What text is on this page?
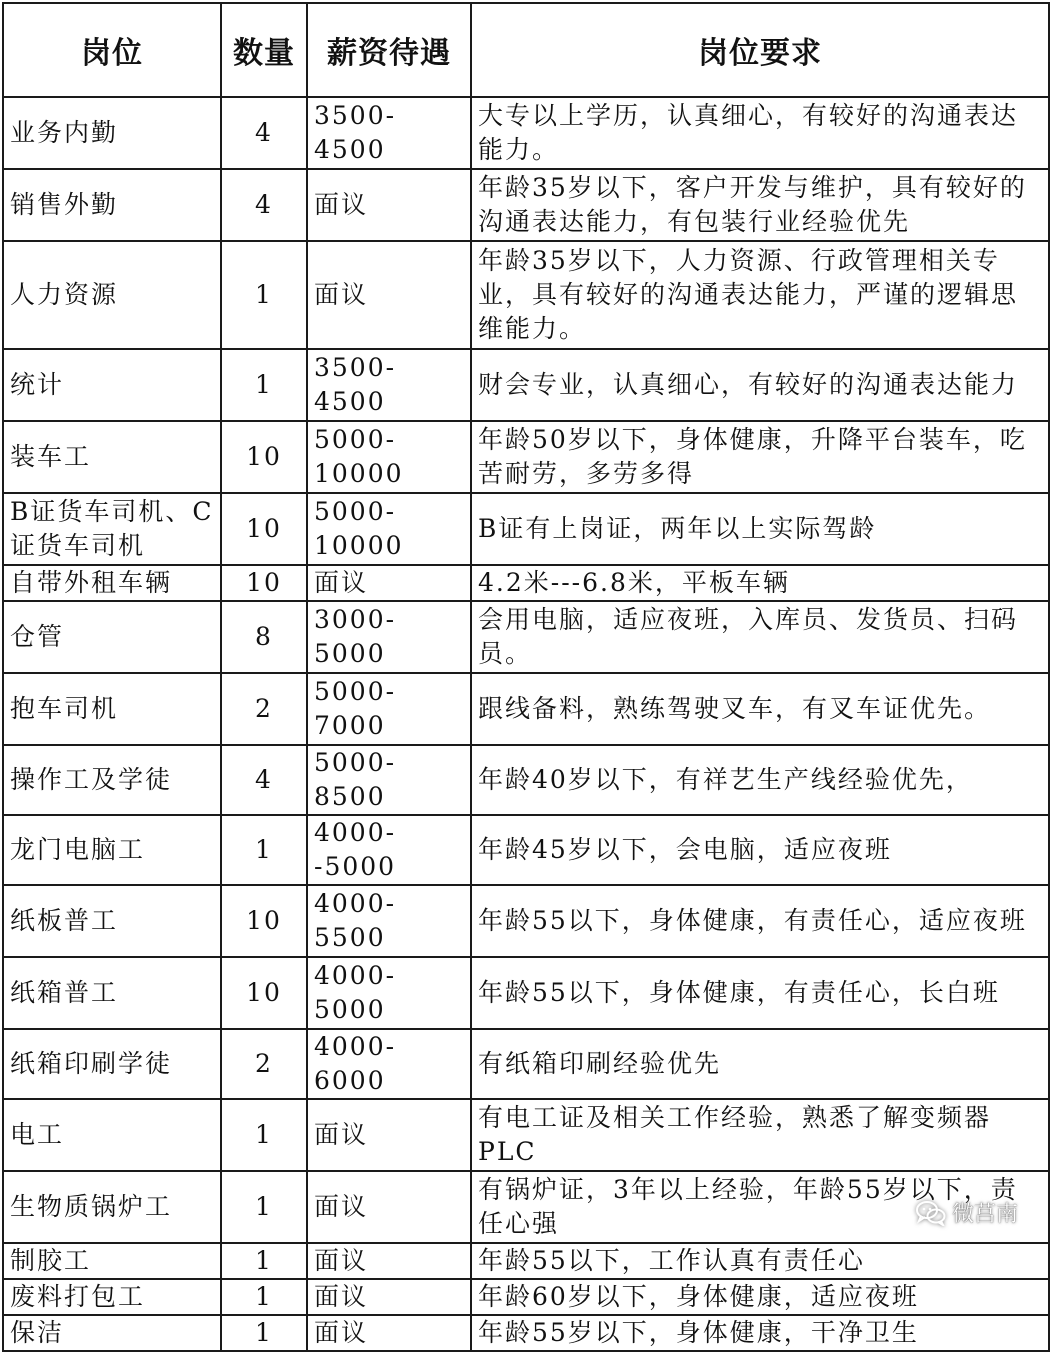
岗位	数量	薪资待遇	岗位要求
业务内勤	4	3500-4500	大专以上学历，认真细心，有较好的沟通表达能力。
销售外勤	4	面议	年龄35岁以下，客户开发与维护，具有较好的沟通表达能力，有包装行业经验优先
人力资源	1	面议	年龄35岁以下，人力资源、行政管理相关专业，具有较好的沟通表达能力，严谨的逻辑思维能力。
统计	1	3500-4500	财会专业，认真细心，有较好的沟通表达能力
装车工	10	5000-10000	年龄50岁以下，身体健康，升降平台装车，吃苦耐劳，多劳多得
B证货车司机、C证货车司机	10	5000-10000	B证有上岗证，两年以上实际驾龄
自带外租车辆	10	面议	4.2米---6.8米，平板车辆
仓管	8	3000-5000	会用电脑，适应夜班，入库员、发货员、扫码员。
抱车司机	2	5000-7000	跟线备料，熟练驾驶叉车，有叉车证优先。
操作工及学徒	4	5000-8500	年龄40岁以下，有祥艺生产线经验优先，
龙门电脑工	1	4000--5000	年龄45岁以下，会电脑，适应夜班
纸板普工	10	4000-5500	年龄55以下，身体健康，有责任心，适应夜班
纸箱普工	10	4000-5000	年龄55以下，身体健康，有责任心，长白班
纸箱印刷学徒	2	4000-6000	有纸箱印刷经验优先
电工	1	面议	有电工证及相关工作经验，熟悉了解变频器PLC
生物质锅炉工	1	面议	有锅炉证，3年以上经验，年龄55岁以下，责任心强
制胶工	1	面议	年龄55以下，工作认真有责任心
废料打包工	1	面议	年龄60岁以下，身体健康，适应夜班
保洁	1	面议	年龄55岁以下，身体健康，干净卫生
微莒南
